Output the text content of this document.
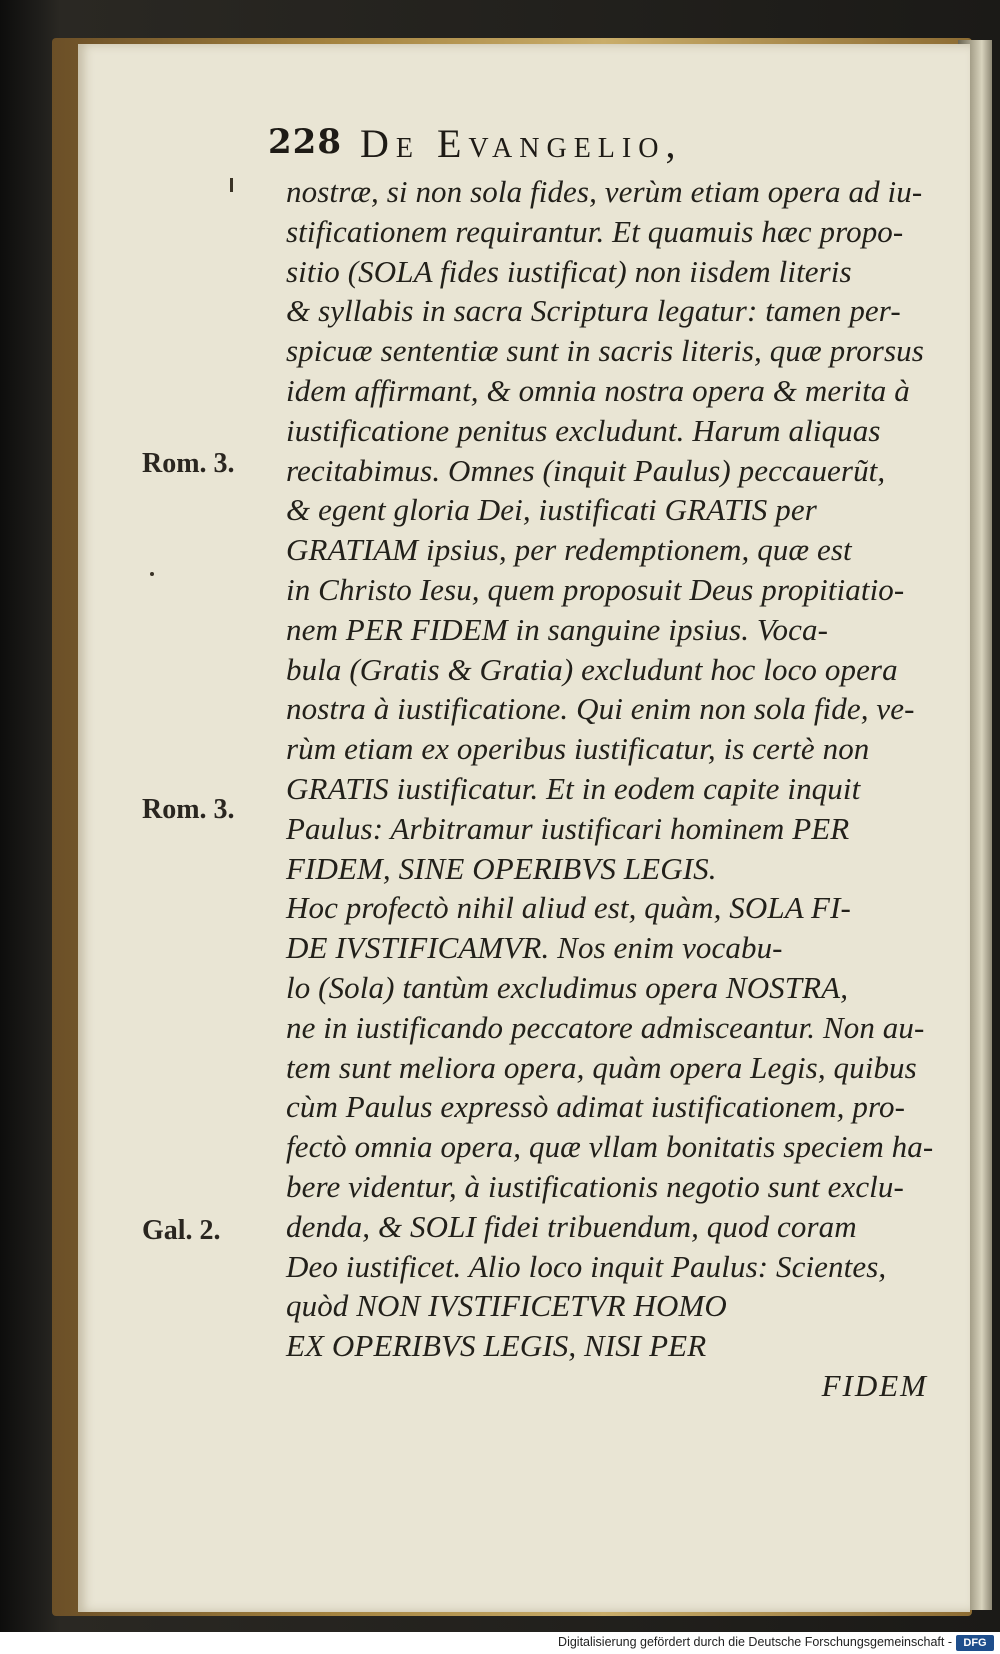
228 De Evangelio,
Rom. 3.
Rom. 3.
Gal. 2.
nostræ, si non sola fides, verùm etiam opera ad iu-
stificationem requirantur. Et quamuis hæc propo-
sitio (SOLA fides iustificat) non iisdem literis
& syllabis in sacra Scriptura legatur: tamen per-
spicuæ sententiæ sunt in sacris literis, quæ prorsus
idem affirmant, & omnia nostra opera & merita à
iustificatione penitus excludunt. Harum aliquas
recitabimus. Omnes (inquit Paulus) peccauerũt,
& egent gloria Dei, iustificati GRATIS per
GRATIAM ipsius, per redemptionem, quæ est
in Christo Iesu, quem proposuit Deus propitiatio-
nem PER FIDEM in sanguine ipsius. Voca-
bula (Gratis & Gratia) excludunt hoc loco opera
nostra à iustificatione. Qui enim non sola fide, ve-
rùm etiam ex operibus iustificatur, is certè non
GRATIS iustificatur. Et in eodem capite inquit
Paulus: Arbitramur iustificari hominem PER
FIDEM, SINE OPERIBVS LEGIS.
Hoc profectò nihil aliud est, quàm, SOLA FI-
DE IVSTIFICAMVR. Nos enim vocabu-
lo (Sola) tantùm excludimus opera NOSTRA,
ne in iustificando peccatore admisceantur. Non au-
tem sunt meliora opera, quàm opera Legis, quibus
cùm Paulus expressò adimat iustificationem, pro-
fectò omnia opera, quæ vllam bonitatis speciem ha-
bere videntur, à iustificationis negotio sunt exclu-
denda, & SOLI fidei tribuendum, quod coram
Deo iustificet. Alio loco inquit Paulus: Scientes,
quòd NON IVSTIFICETVR HOMO
EX OPERIBVS LEGIS, NISI PER
FIDEM
Digitalisierung gefördert durch die Deutsche Forschungsgemeinschaft -	DFG
